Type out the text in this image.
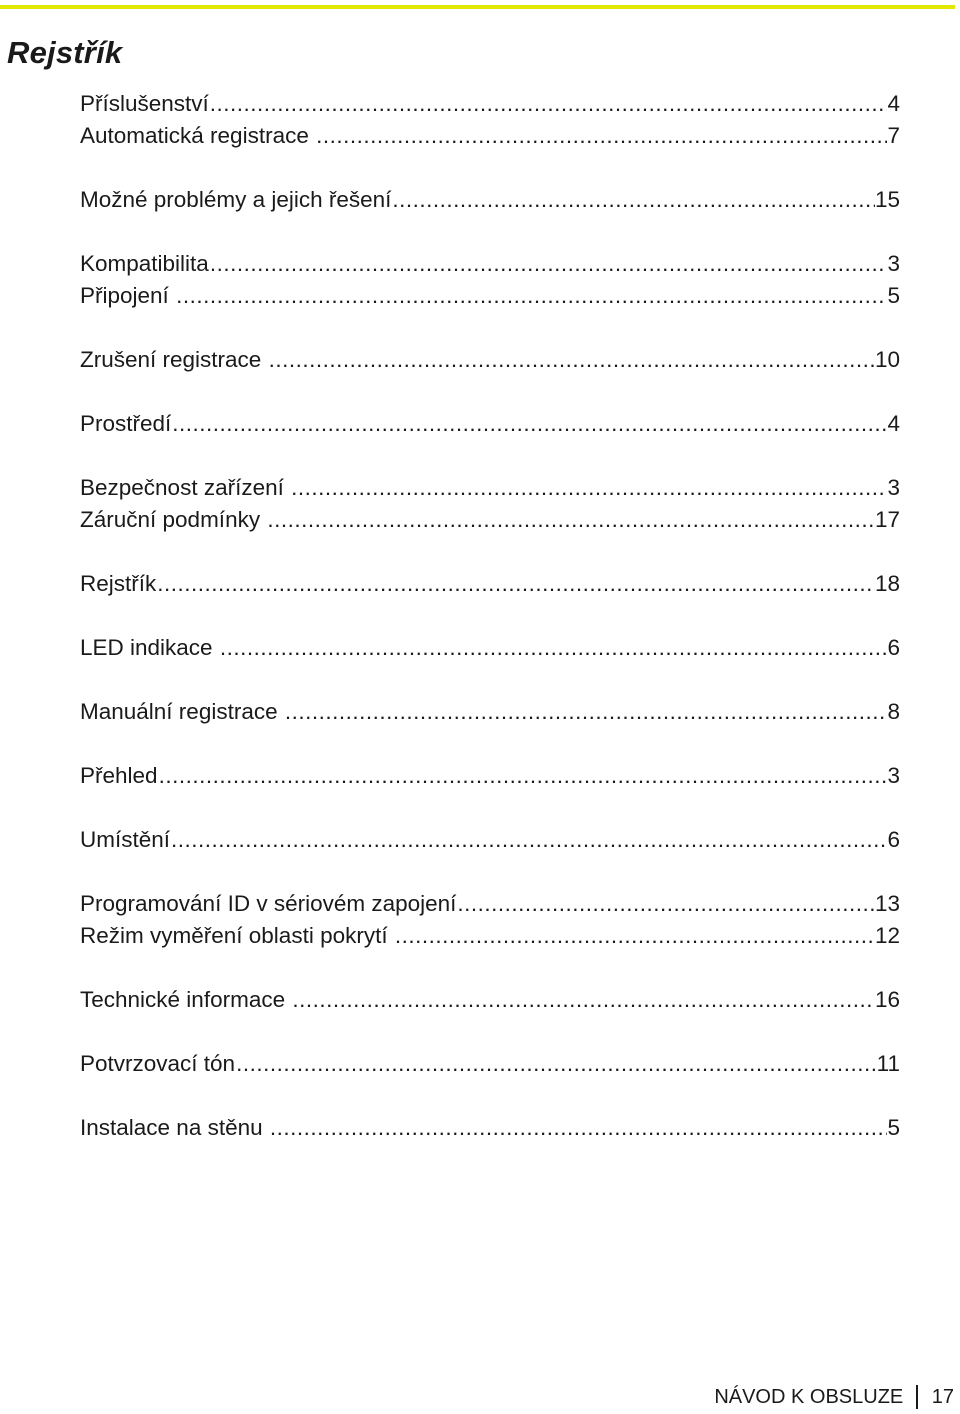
Rejstřík
Příslušenství .....	4
Automatická registrace .....	7
Možné problémy a jejich řešení .....	15
Kompatibilita .....	3
Připojení .....	5
Zrušení registrace .....	10
Prostředí .....	4
Bezpečnost zařízení .....	3
Záruční podmínky .....	17
Rejstřík .....	18
LED indikace .....	6
Manuální registrace .....	8
Přehled .....	3
Umístění .....	6
Programování ID v sériovém zapojení .....	13
Režim vyměření oblasti pokrytí .....	12
Technické informace .....	16
Potvrzovací tón .....	11
Instalace na stěnu .....	5
NÁVOD K OBSLUZE 17
